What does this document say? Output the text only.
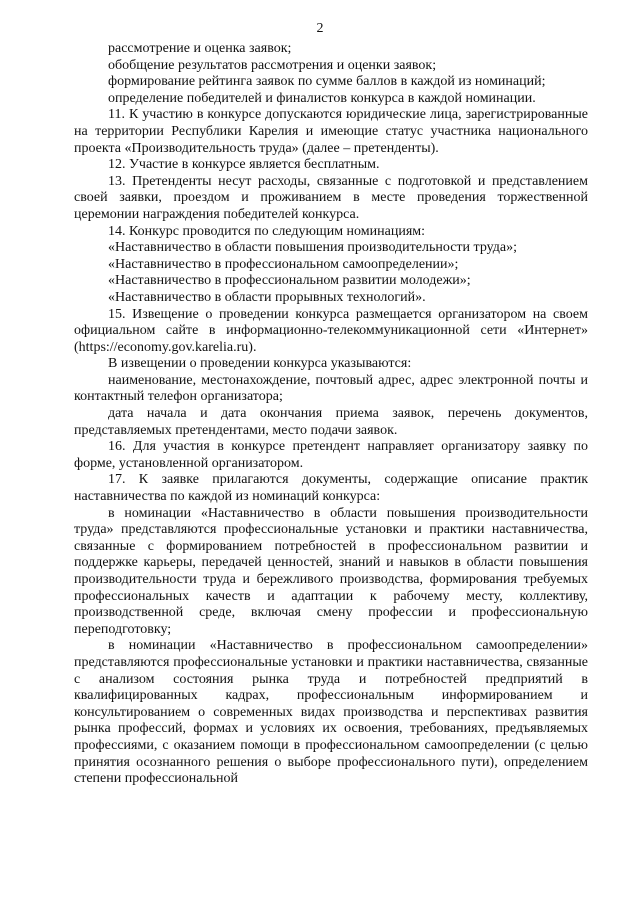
2

рассмотрение и оценка заявок;

обобщение результатов рассмотрения и оценки заявок;

формирование рейтинга заявок по сумме баллов в каждой из номинаций;

определение победителей и финалистов конкурса в каждой номинации.

11. К участию в конкурсе допускаются юридические лица, зарегистрированные на территории Республики Карелия и имеющие статус участника национального проекта «Производительность труда» (далее – претенденты).

12. Участие в конкурсе является бесплатным.

13. Претенденты несут расходы, связанные с подготовкой и представлением своей заявки, проездом и проживанием в месте проведения торжественной церемонии награждения победителей конкурса.

14. Конкурс проводится по следующим номинациям:

«Наставничество в области повышения производительности труда»;

«Наставничество в профессиональном самоопределении»;

«Наставничество в профессиональном развитии молодежи»;

«Наставничество в области прорывных технологий».

15. Извещение о проведении конкурса размещается организатором на своем официальном сайте в информационно-телекоммуникационной сети «Интернет» (https://economy.gov.karelia.ru).

В извещении о проведении конкурса указываются:

наименование, местонахождение, почтовый адрес, адрес электронной почты и контактный телефон организатора;

дата начала и дата окончания приема заявок, перечень документов, представляемых претендентами, место подачи заявок.

16. Для участия в конкурсе претендент направляет организатору заявку по форме, установленной организатором.

17. К заявке прилагаются документы, содержащие описание практик наставничества по каждой из номинаций конкурса:

в номинации «Наставничество в области повышения производительности труда» представляются профессиональные установки и практики наставничества, связанные с формированием потребностей в профессиональном развитии и поддержке карьеры, передачей ценностей, знаний и навыков в области повышения производительности труда и бережливого производства, формирования требуемых профессиональных качеств и адаптации к рабочему месту, коллективу, производственной среде, включая смену профессии и профессиональную переподготовку;

в номинации «Наставничество в профессиональном самоопределении» представляются профессиональные установки и практики наставничества, связанные с анализом состояния рынка труда и потребностей предприятий в квалифицированных кадрах, профессиональным информированием и консультированием о современных видах производства и перспективах развития рынка профессий, формах и условиях их освоения, требованиях, предъявляемых профессиями, с оказанием помощи в профессиональном самоопределении (с целью принятия осознанного решения о выборе профессионального пути), определением степени профессиональной
